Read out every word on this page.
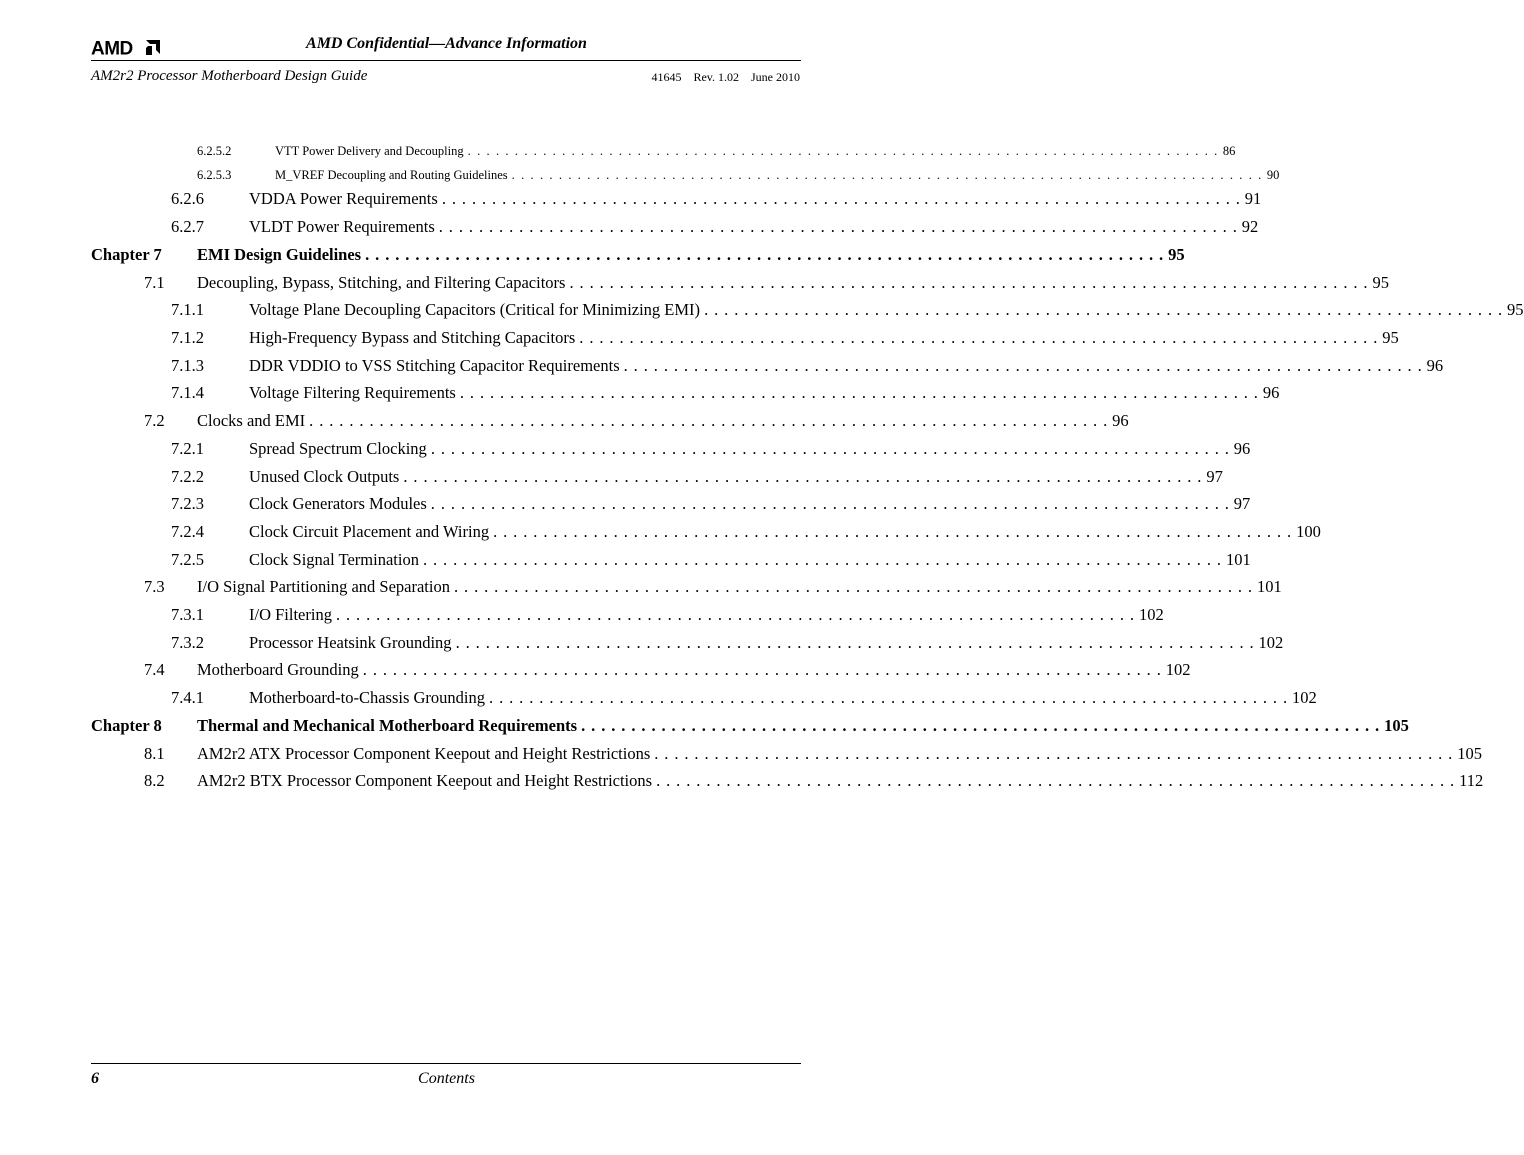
AMD	AMD Confidential—Advance Information
AM2r2 Processor Motherboard Design Guide	41645 Rev. 1.02 June 2010
6.2.5.2	VTT Power Delivery and Decoupling . . . . . . . . . . . . . . . . . . . . . . . . . . . . . . . . . . . . . . . . . . . . . . . . . . . . . . . . . . . . . . . . . . . . . . . . . . . . . . . . 86
6.2.5.3	M_VREF Decoupling and Routing Guidelines . . . . . . . . . . . . . . . . . . . . . . . . . . . . . . . . . . . . . . . . . . . . . . . . . . . . . . . . . . . . . . . . . . . . . . . . . . . . . . . . 90
6.2.6	VDDA Power Requirements . . . . . . . . . . . . . . . . . . . . . . . . . . . . . . . . . . . . . . . . . . . . . . . . . . . . . . . . . . . . . . . . . . . . . . . . . . . . . . . . 91
6.2.7	VLDT Power Requirements . . . . . . . . . . . . . . . . . . . . . . . . . . . . . . . . . . . . . . . . . . . . . . . . . . . . . . . . . . . . . . . . . . . . . . . . . . . . . . . . 92
Chapter 7 EMI Design Guidelines . . . . . . . . . . . . . . . . . . . . . . . . . . . . . . . . . . . . . . . . . . . . . . . . . . . . . . . . . . . . . . . . . . . . . . . . . . . . . . . . 95
7.1 Decoupling, Bypass, Stitching, and Filtering Capacitors . . . . . . . . . . . . . . . . . . . . . . . . . . . . . . . . . . . . . . . . . . . . . . . . . . . . . . . . . . . . . . . . . . . . . . . . . . . . . . . . 95
7.1.1	Voltage Plane Decoupling Capacitors (Critical for Minimizing EMI) . . . . . . . . . . . . . . . . . . . . . . . . . . . . . . . . . . . . . . . . . . . . . . . . . . . . . . . . . . . . . . . . . . . . . . . . . . . . . . . . 95
7.1.2	High-Frequency Bypass and Stitching Capacitors . . . . . . . . . . . . . . . . . . . . . . . . . . . . . . . . . . . . . . . . . . . . . . . . . . . . . . . . . . . . . . . . . . . . . . . . . . . . . . . . 95
7.1.3	DDR VDDIO to VSS Stitching Capacitor Requirements . . . . . . . . . . . . . . . . . . . . . . . . . . . . . . . . . . . . . . . . . . . . . . . . . . . . . . . . . . . . . . . . . . . . . . . . . . . . . . . . 96
7.1.4	Voltage Filtering Requirements . . . . . . . . . . . . . . . . . . . . . . . . . . . . . . . . . . . . . . . . . . . . . . . . . . . . . . . . . . . . . . . . . . . . . . . . . . . . . . . . 96
7.2 Clocks and EMI . . . . . . . . . . . . . . . . . . . . . . . . . . . . . . . . . . . . . . . . . . . . . . . . . . . . . . . . . . . . . . . . . . . . . . . . . . . . . . . . 96
7.2.1	Spread Spectrum Clocking . . . . . . . . . . . . . . . . . . . . . . . . . . . . . . . . . . . . . . . . . . . . . . . . . . . . . . . . . . . . . . . . . . . . . . . . . . . . . . . . 96
7.2.2	Unused Clock Outputs . . . . . . . . . . . . . . . . . . . . . . . . . . . . . . . . . . . . . . . . . . . . . . . . . . . . . . . . . . . . . . . . . . . . . . . . . . . . . . . . 97
7.2.3	Clock Generators Modules . . . . . . . . . . . . . . . . . . . . . . . . . . . . . . . . . . . . . . . . . . . . . . . . . . . . . . . . . . . . . . . . . . . . . . . . . . . . . . . . 97
7.2.4	Clock Circuit Placement and Wiring . . . . . . . . . . . . . . . . . . . . . . . . . . . . . . . . . . . . . . . . . . . . . . . . . . . . . . . . . . . . . . . . . . . . . . . . . . . . . . . . 100
7.2.5	Clock Signal Termination . . . . . . . . . . . . . . . . . . . . . . . . . . . . . . . . . . . . . . . . . . . . . . . . . . . . . . . . . . . . . . . . . . . . . . . . . . . . . . . . 101
7.3 I/O Signal Partitioning and Separation . . . . . . . . . . . . . . . . . . . . . . . . . . . . . . . . . . . . . . . . . . . . . . . . . . . . . . . . . . . . . . . . . . . . . . . . . . . . . . . . 101
7.3.1	I/O Filtering . . . . . . . . . . . . . . . . . . . . . . . . . . . . . . . . . . . . . . . . . . . . . . . . . . . . . . . . . . . . . . . . . . . . . . . . . . . . . . . . 102
7.3.2	Processor Heatsink Grounding . . . . . . . . . . . . . . . . . . . . . . . . . . . . . . . . . . . . . . . . . . . . . . . . . . . . . . . . . . . . . . . . . . . . . . . . . . . . . . . . 102
7.4 Motherboard Grounding . . . . . . . . . . . . . . . . . . . . . . . . . . . . . . . . . . . . . . . . . . . . . . . . . . . . . . . . . . . . . . . . . . . . . . . . . . . . . . . . 102
7.4.1	Motherboard-to-Chassis Grounding . . . . . . . . . . . . . . . . . . . . . . . . . . . . . . . . . . . . . . . . . . . . . . . . . . . . . . . . . . . . . . . . . . . . . . . . . . . . . . . . 102
Chapter 8 Thermal and Mechanical Motherboard Requirements . . . . . . . . . . . . . . . . . . . . . . . . . . . . . . . . . . . . . . . . . . . . . . . . . . . . . . . . . . . . . . . . . . . . . . . . . . . . . . . . 105
8.1 AM2r2 ATX Processor Component Keepout and Height Restrictions . . . . . . . . . . . . . . . . . . . . . . . . . . . . . . . . . . . . . . . . . . . . . . . . . . . . . . . . . . . . . . . . . . . . . . . . . . . . . . . . 105
8.2 AM2r2 BTX Processor Component Keepout and Height Restrictions . . . . . . . . . . . . . . . . . . . . . . . . . . . . . . . . . . . . . . . . . . . . . . . . . . . . . . . . . . . . . . . . . . . . . . . . . . . . . . . . 112
6	Contents
